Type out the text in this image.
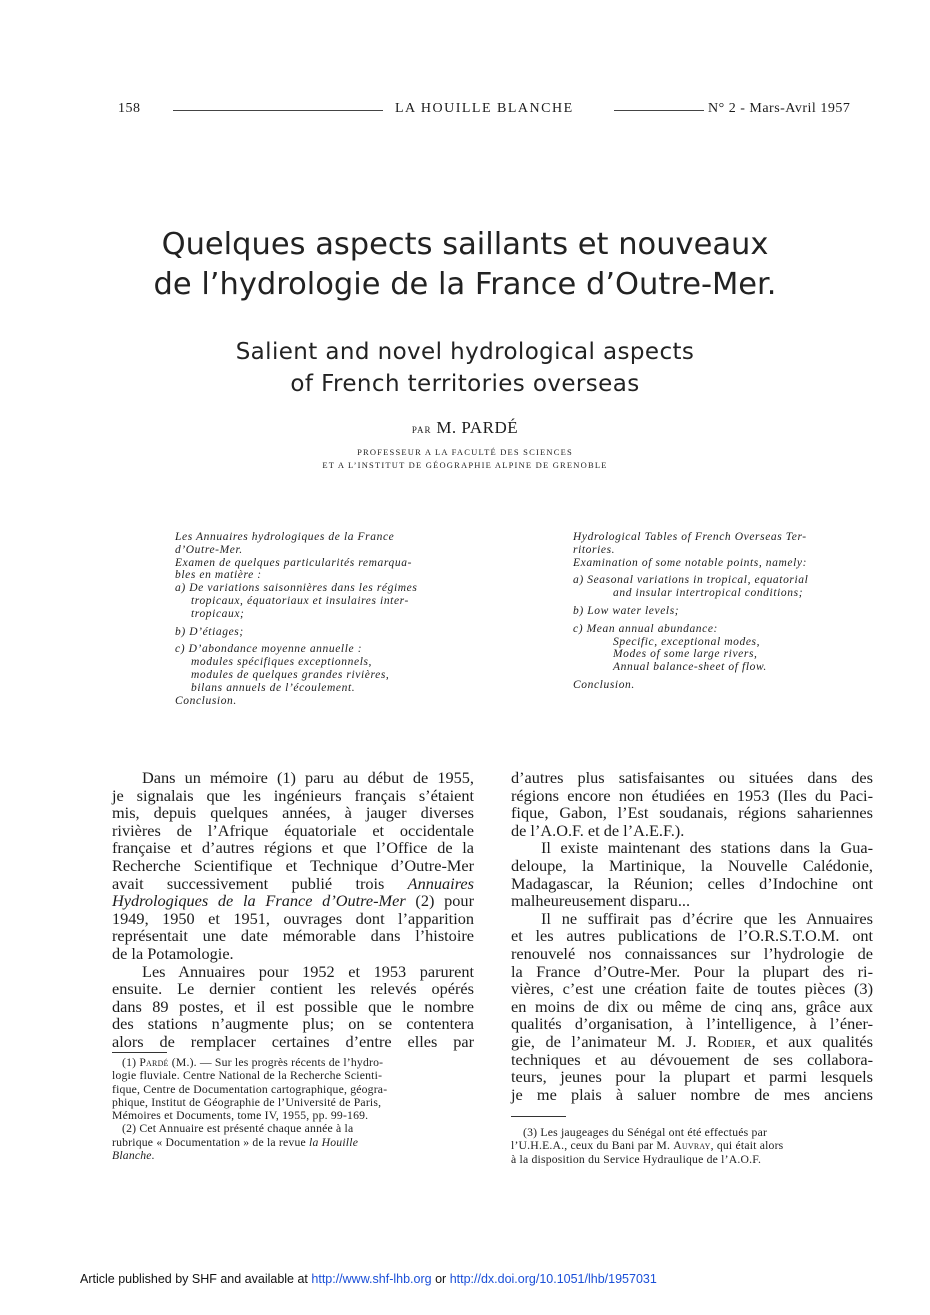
158	LA HOUILLE BLANCHE	N° 2 - Mars-Avril 1957
Quelques aspects saillants et nouveaux
de l’hydrologie de la France d’Outre-Mer.
Salient and novel hydrological aspects
of French territories overseas
par M. PARDÉ
PROFESSEUR A LA FACULTÉ DES SCIENCES
ET A L’INSTITUT DE GÉOGRAPHIE ALPINE DE GRENOBLE
Les Annuaires hydrologiques de la France
d’Outre-Mer.
Examen de quelques particularités remarqua-
bles en matière :
a) De variations saisonnières dans les régimes
tropicaux, équatoriaux et insulaires inter-
tropicaux;
b) D’étiages;
c) D’abondance moyenne annuelle :
modules spécifiques exceptionnels,
modules de quelques grandes rivières,
bilans annuels de l’écoulement.
Conclusion.
Hydrological Tables of French Overseas Ter-
ritories.
Examination of some notable points, namely:
a) Seasonal variations in tropical, equatorial
and insular intertropical conditions;
b) Low water levels;
c) Mean annual abundance:
Specific, exceptional modes,
Modes of some large rivers,
Annual balance-sheet of flow.
Conclusion.
Dans un mémoire (1) paru au début de 1955,
je signalais que les ingénieurs français s’étaient
mis, depuis quelques années, à jauger diverses
rivières de l’Afrique équatoriale et occidentale
française et d’autres régions et que l’Office de la
Recherche Scientifique et Technique d’Outre-Mer
avait successivement publié trois Annuaires
Hydrologiques de la France d’Outre-Mer (2) pour
1949, 1950 et 1951, ouvrages dont l’apparition
représentait une date mémorable dans l’histoire
de la Potamologie.
Les Annuaires pour 1952 et 1953 parurent
ensuite. Le dernier contient les relevés opérés
dans 89 postes, et il est possible que le nombre
des stations n’augmente plus; on se contentera
alors de remplacer certaines d’entre elles par
d’autres plus satisfaisantes ou situées dans des
régions encore non étudiées en 1953 (Iles du Paci-
fique, Gabon, l’Est soudanais, régions sahariennes
de l’A.O.F. et de l’A.E.F.).
Il existe maintenant des stations dans la Gua-
deloupe, la Martinique, la Nouvelle Calédonie,
Madagascar, la Réunion; celles d’Indochine ont
malheureusement disparu...
Il ne suffirait pas d’écrire que les Annuaires
et les autres publications de l’O.R.S.T.O.M. ont
renouvelé nos connaissances sur l’hydrologie de
la France d’Outre-Mer. Pour la plupart des ri-
vières, c’est une création faite de toutes pièces (3)
en moins de dix ou même de cinq ans, grâce aux
qualités d’organisation, à l’intelligence, à l’éner-
gie, de l’animateur M. J. Rodier, et aux qualités
techniques et au dévouement de ses collabora-
teurs, jeunes pour la plupart et parmi lesquels
je me plais à saluer nombre de mes anciens
(1) Pardé (M.). — Sur les progrès récents de l’hydro-
logie fluviale. Centre National de la Recherche Scienti-
fique, Centre de Documentation cartographique, géogra-
phique, Institut de Géographie de l’Université de Paris,
Mémoires et Documents, tome IV, 1955, pp. 99-169.
(2) Cet Annuaire est présenté chaque année à la
rubrique « Documentation » de la revue la Houille
Blanche.
(3) Les jaugeages du Sénégal ont été effectués par
l’U.H.E.A., ceux du Bani par M. Auvray, qui était alors
à la disposition du Service Hydraulique de l’A.O.F.
Article published by SHF and available at http://www.shf-lhb.org or http://dx.doi.org/10.1051/lhb/1957031
